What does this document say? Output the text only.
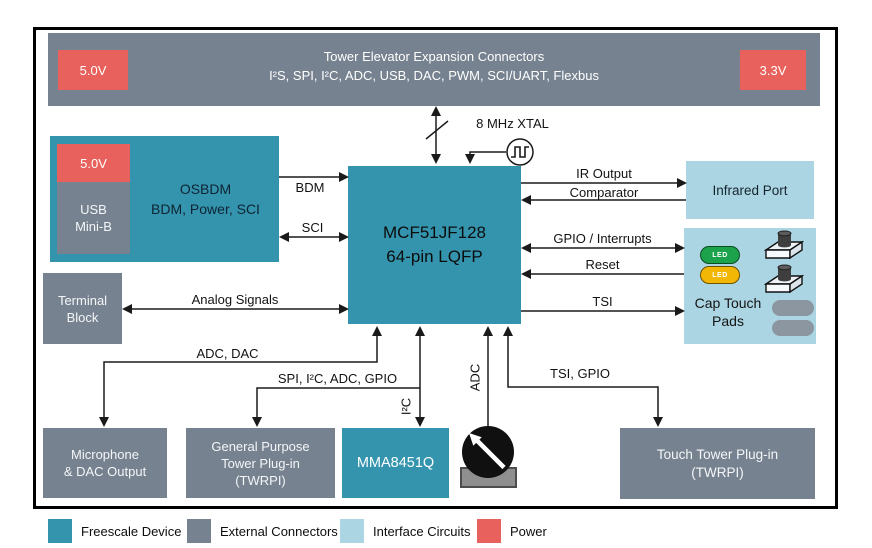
5.0V
Tower Elevator Expansion Connectors
I²S, SPI, I²C, ADC, USB, DAC, PWM, SCI/UART, Flexbus	3.3V
5.0V
USB
Mini-B
OSBDM
BDM, Power, SCI
MCF51JF128
64-pin LQFP
Terminal
Block
Infrared Port
LED
LED
Cap Touch
Pads
Microphone
& DAC Output
General Purpose
Tower Plug-in
(TWRPI)
MMA8451Q
Touch Tower Plug-in
(TWRPI)
8 MHz XTAL
BDM
SCI
Analog Signals
IR Output
Comparator
GPIO / Interrupts
Reset
TSI
ADC, DAC
SPI, I²C, ADC, GPIO	TSI, GPIO
I²C
ADC
Freescale Device	External Connectors	Interface Circuits	Power
